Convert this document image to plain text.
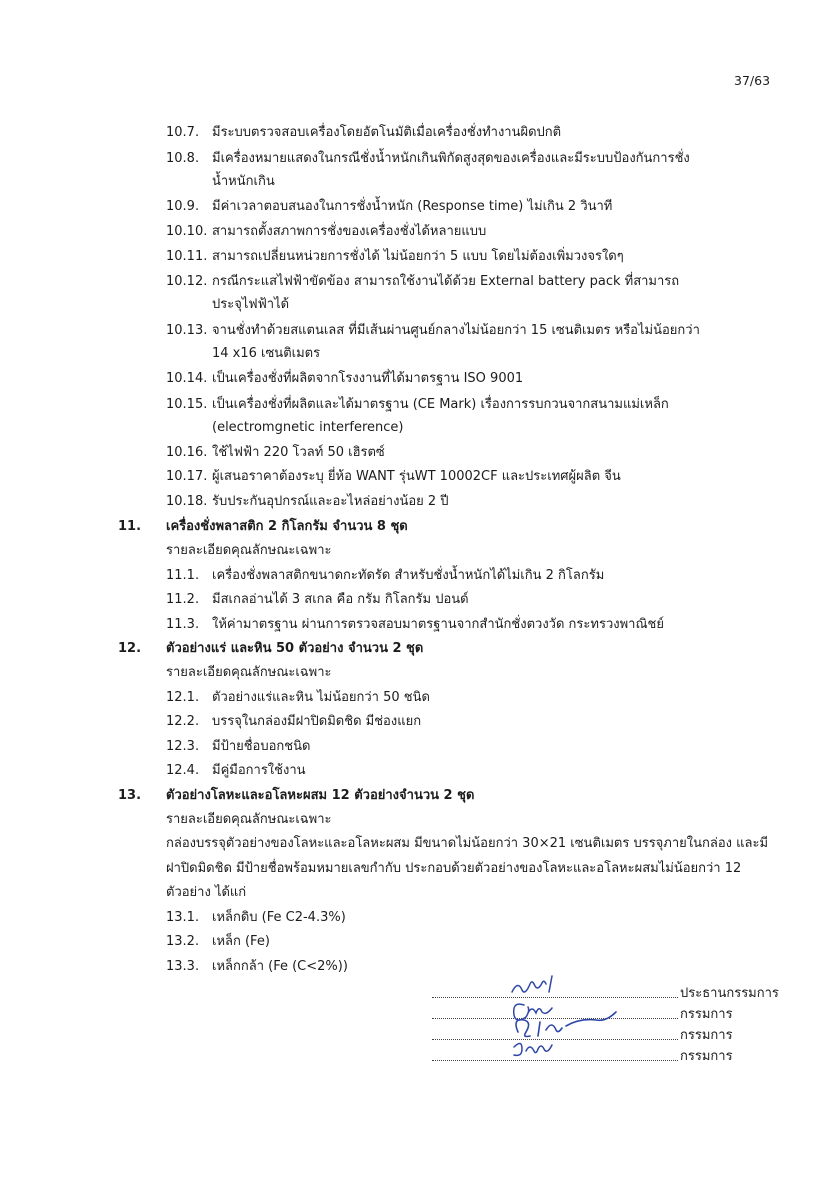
37/63
10.7. มีระบบตรวจสอบเครื่องโดยอัตโนมัติเมื่อเครื่องชั่งทำงานผิดปกติ
10.8. มีเครื่องหมายแสดงในกรณีชั่งน้ำหนักเกินพิกัดสูงสุดของเครื่องและมีระบบป้องกันการชั่ง
น้ำหนักเกิน
10.9. มีค่าเวลาตอบสนองในการชั่งน้ำหนัก (Response time) ไม่เกิน 2 วินาที
10.10. สามารถตั้งสภาพการชั่งของเครื่องชั่งได้หลายแบบ
10.11. สามารถเปลี่ยนหน่วยการชั่งได้ ไม่น้อยกว่า 5 แบบ โดยไม่ต้องเพิ่มวงจรใดๆ
10.12. กรณีกระแสไฟฟ้าขัดข้อง สามารถใช้งานได้ด้วย External battery pack ที่สามารถ
ประจุไฟฟ้าได้
10.13. จานชั่งทำด้วยสแตนเลส ที่มีเส้นผ่านศูนย์กลางไม่น้อยกว่า 15 เซนติเมตร หรือไม่น้อยกว่า
14 x16 เซนติเมตร
10.14. เป็นเครื่องชั่งที่ผลิตจากโรงงานที่ได้มาตรฐาน ISO 9001
10.15. เป็นเครื่องชั่งที่ผลิตและได้มาตรฐาน (CE Mark) เรื่องการรบกวนจากสนามแม่เหล็ก
(electromgnetic interference)
10.16. ใช้ไฟฟ้า 220 โวลท์ 50 เฮิรตซ์
10.17. ผู้เสนอราคาต้องระบุ ยี่ห้อ WANT รุ่นWT 10002CF และประเทศผู้ผลิต จีน
10.18. รับประกันอุปกรณ์และอะไหล่อย่างน้อย 2 ปี
11. เครื่องชั่งพลาสติก 2 กิโลกรัม จำนวน 8 ชุด
รายละเอียดคุณลักษณะเฉพาะ
11.1. เครื่องชั่งพลาสติกขนาดกะทัดรัด สำหรับชั่งน้ำหนักได้ไม่เกิน 2 กิโลกรัม
11.2. มีสเกลอ่านได้ 3 สเกล คือ กรัม กิโลกรัม ปอนด์
11.3. ให้ค่ามาตรฐาน ผ่านการตรวจสอบมาตรฐานจากสำนักชั่งตวงวัด กระทรวงพาณิชย์
12. ตัวอย่างแร่ และหิน 50 ตัวอย่าง จำนวน 2 ชุด
รายละเอียดคุณลักษณะเฉพาะ
12.1. ตัวอย่างแร่และหิน ไม่น้อยกว่า 50 ชนิด
12.2. บรรจุในกล่องมีฝาปิดมิดชิด มีช่องแยก
12.3. มีป้ายชื่อบอกชนิด
12.4. มีคู่มือการใช้งาน
13. ตัวอย่างโลหะและอโลหะผสม 12 ตัวอย่างจำนวน 2 ชุด
รายละเอียดคุณลักษณะเฉพาะ
กล่องบรรจุตัวอย่างของโลหะและอโลหะผสม มีขนาดไม่น้อยกว่า 30×21 เซนติเมตร บรรจุภายในกล่อง และมี
ฝาปิดมิดชิด มีป้ายชื่อพร้อมหมายเลขกำกับ ประกอบด้วยตัวอย่างของโลหะและอโลหะผสมไม่น้อยกว่า 12
ตัวอย่าง ได้แก่
13.1. เหล็กดิบ (Fe C2-4.3%)
13.2. เหล็ก (Fe)
13.3. เหล็กกล้า (Fe (C<2%))
ประธานกรรมการ
กรรมการ
กรรมการ
กรรมการ
